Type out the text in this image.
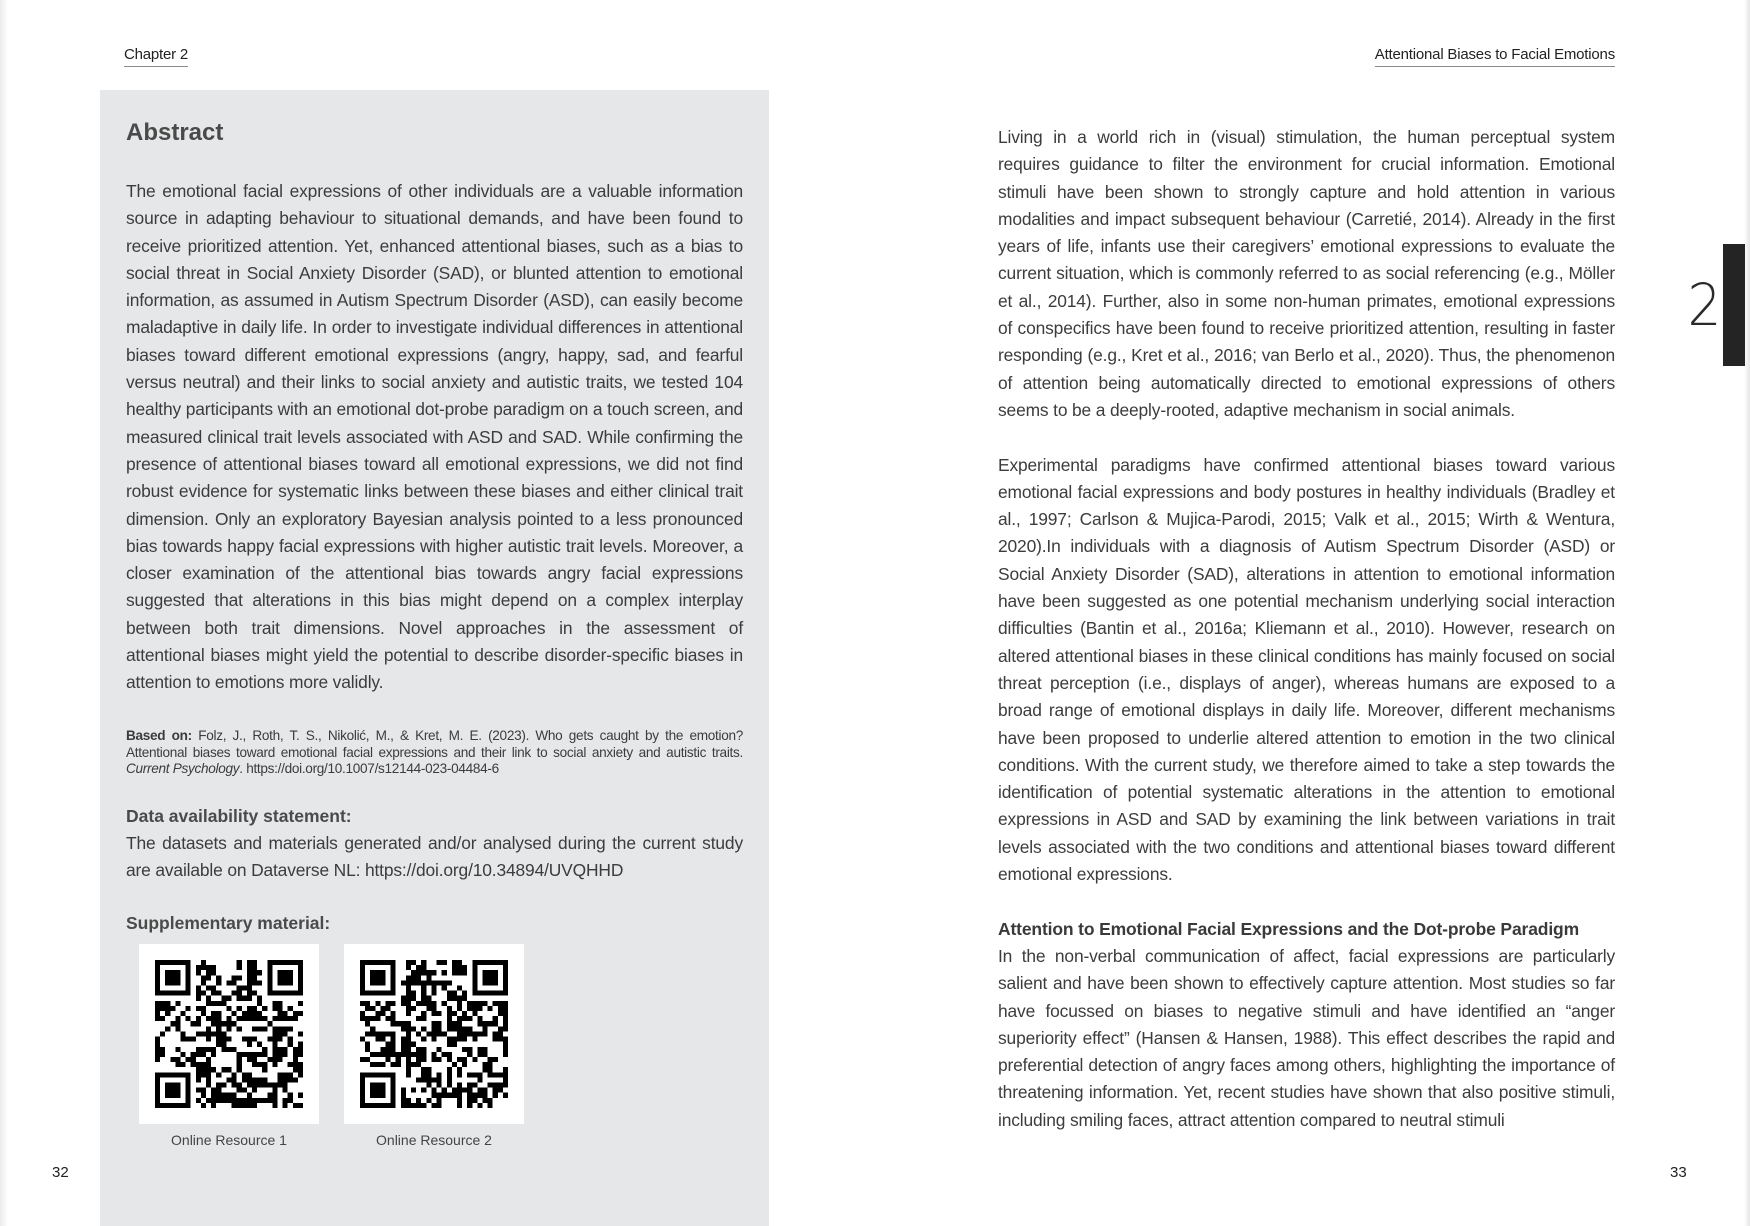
Chapter 2
Abstract

The emotional facial expressions of other individuals are a valuable information source in adapting behaviour to situational demands, and have been found to receive prioritized attention. Yet, enhanced attentional biases, such as a bias to social threat in Social Anxiety Disorder (SAD), or blunted attention to emotional information, as assumed in Autism Spectrum Disorder (ASD), can easily become maladaptive in daily life. In order to investigate individual differences in attentional biases toward different emotional expressions (angry, happy, sad, and fearful versus neutral) and their links to social anxiety and autistic traits, we tested 104 healthy participants with an emotional dot-probe paradigm on a touch screen, and measured clinical trait levels associated with ASD and SAD. While confirming the presence of attentional biases toward all emotional expressions, we did not find robust evidence for systematic links between these biases and either clinical trait dimension. Only an exploratory Bayesian analysis pointed to a less pronounced bias towards happy facial expressions with higher autistic trait levels. Moreover, a closer examination of the attentional bias towards angry facial expressions suggested that alterations in this bias might depend on a complex interplay between both trait dimensions. Novel approaches in the assessment of attentional biases might yield the potential to describe disorder-specific biases in attention to emotions more validly.

Based on: Folz, J., Roth, T. S., Nikolić, M., & Kret, M. E. (2023). Who gets caught by the emotion? Attentional biases toward emotional facial expressions and their link to social anxiety and autistic traits. Current Psychology. https://doi.org/10.1007/s12144-023-04484-6

Data availability statement:

The datasets and materials generated and/or analysed during the current study are available on Dataverse NL: https://doi.org/10.34894/UVQHHD

Supplementary material:
Online Resource 1	Online Resource 2
32
Attentional Biases to Facial Emotions

Living in a world rich in (visual) stimulation, the human perceptual system requires guidance to filter the environment for crucial information. Emotional stimuli have been shown to strongly capture and hold attention in various modalities and impact subsequent behaviour (Carretié, 2014). Already in the first years of life, infants use their caregivers’ emotional expressions to evaluate the current situation, which is commonly referred to as social referencing (e.g., Möller et al., 2014). Further, also in some non-human primates, emotional expressions of conspecifics have been found to receive prioritized attention, resulting in faster responding (e.g., Kret et al., 2016; van Berlo et al., 2020). Thus, the phenomenon of attention being automatically directed to emotional expressions of others seems to be a deeply-rooted, adaptive mechanism in social animals.

Experimental paradigms have confirmed attentional biases toward various emotional facial expressions and body postures in healthy individuals (Bradley et al., 1997; Carlson & Mujica-Parodi, 2015; Valk et al., 2015; Wirth & Wentura, 2020).In individuals with a diagnosis of Autism Spectrum Disorder (ASD) or Social Anxiety Disorder (SAD), alterations in attention to emotional information have been suggested as one potential mechanism underlying social interaction difficulties (Bantin et al., 2016a; Kliemann et al., 2010). However, research on altered attentional biases in these clinical conditions has mainly focused on social threat perception (i.e., displays of anger), whereas humans are exposed to a broad range of emotional displays in daily life. Moreover, different mechanisms have been proposed to underlie altered attention to emotion in the two clinical conditions. With the current study, we therefore aimed to take a step towards the identification of potential systematic alterations in the attention to emotional expressions in ASD and SAD by examining the link between variations in trait levels associated with the two conditions and attentional biases toward different emotional expressions.

Attention to Emotional Facial Expressions and the Dot-probe Paradigm

In the non-verbal communication of affect, facial expressions are particularly salient and have been shown to effectively capture attention. Most studies so far have focussed on biases to negative stimuli and have identified an “anger superiority effect” (Hansen & Hansen, 1988). This effect describes the rapid and preferential detection of angry faces among others, highlighting the importance of threatening information. Yet, recent studies have shown that also positive stimuli, including smiling faces, attract attention compared to neutral stimuli

2
33
